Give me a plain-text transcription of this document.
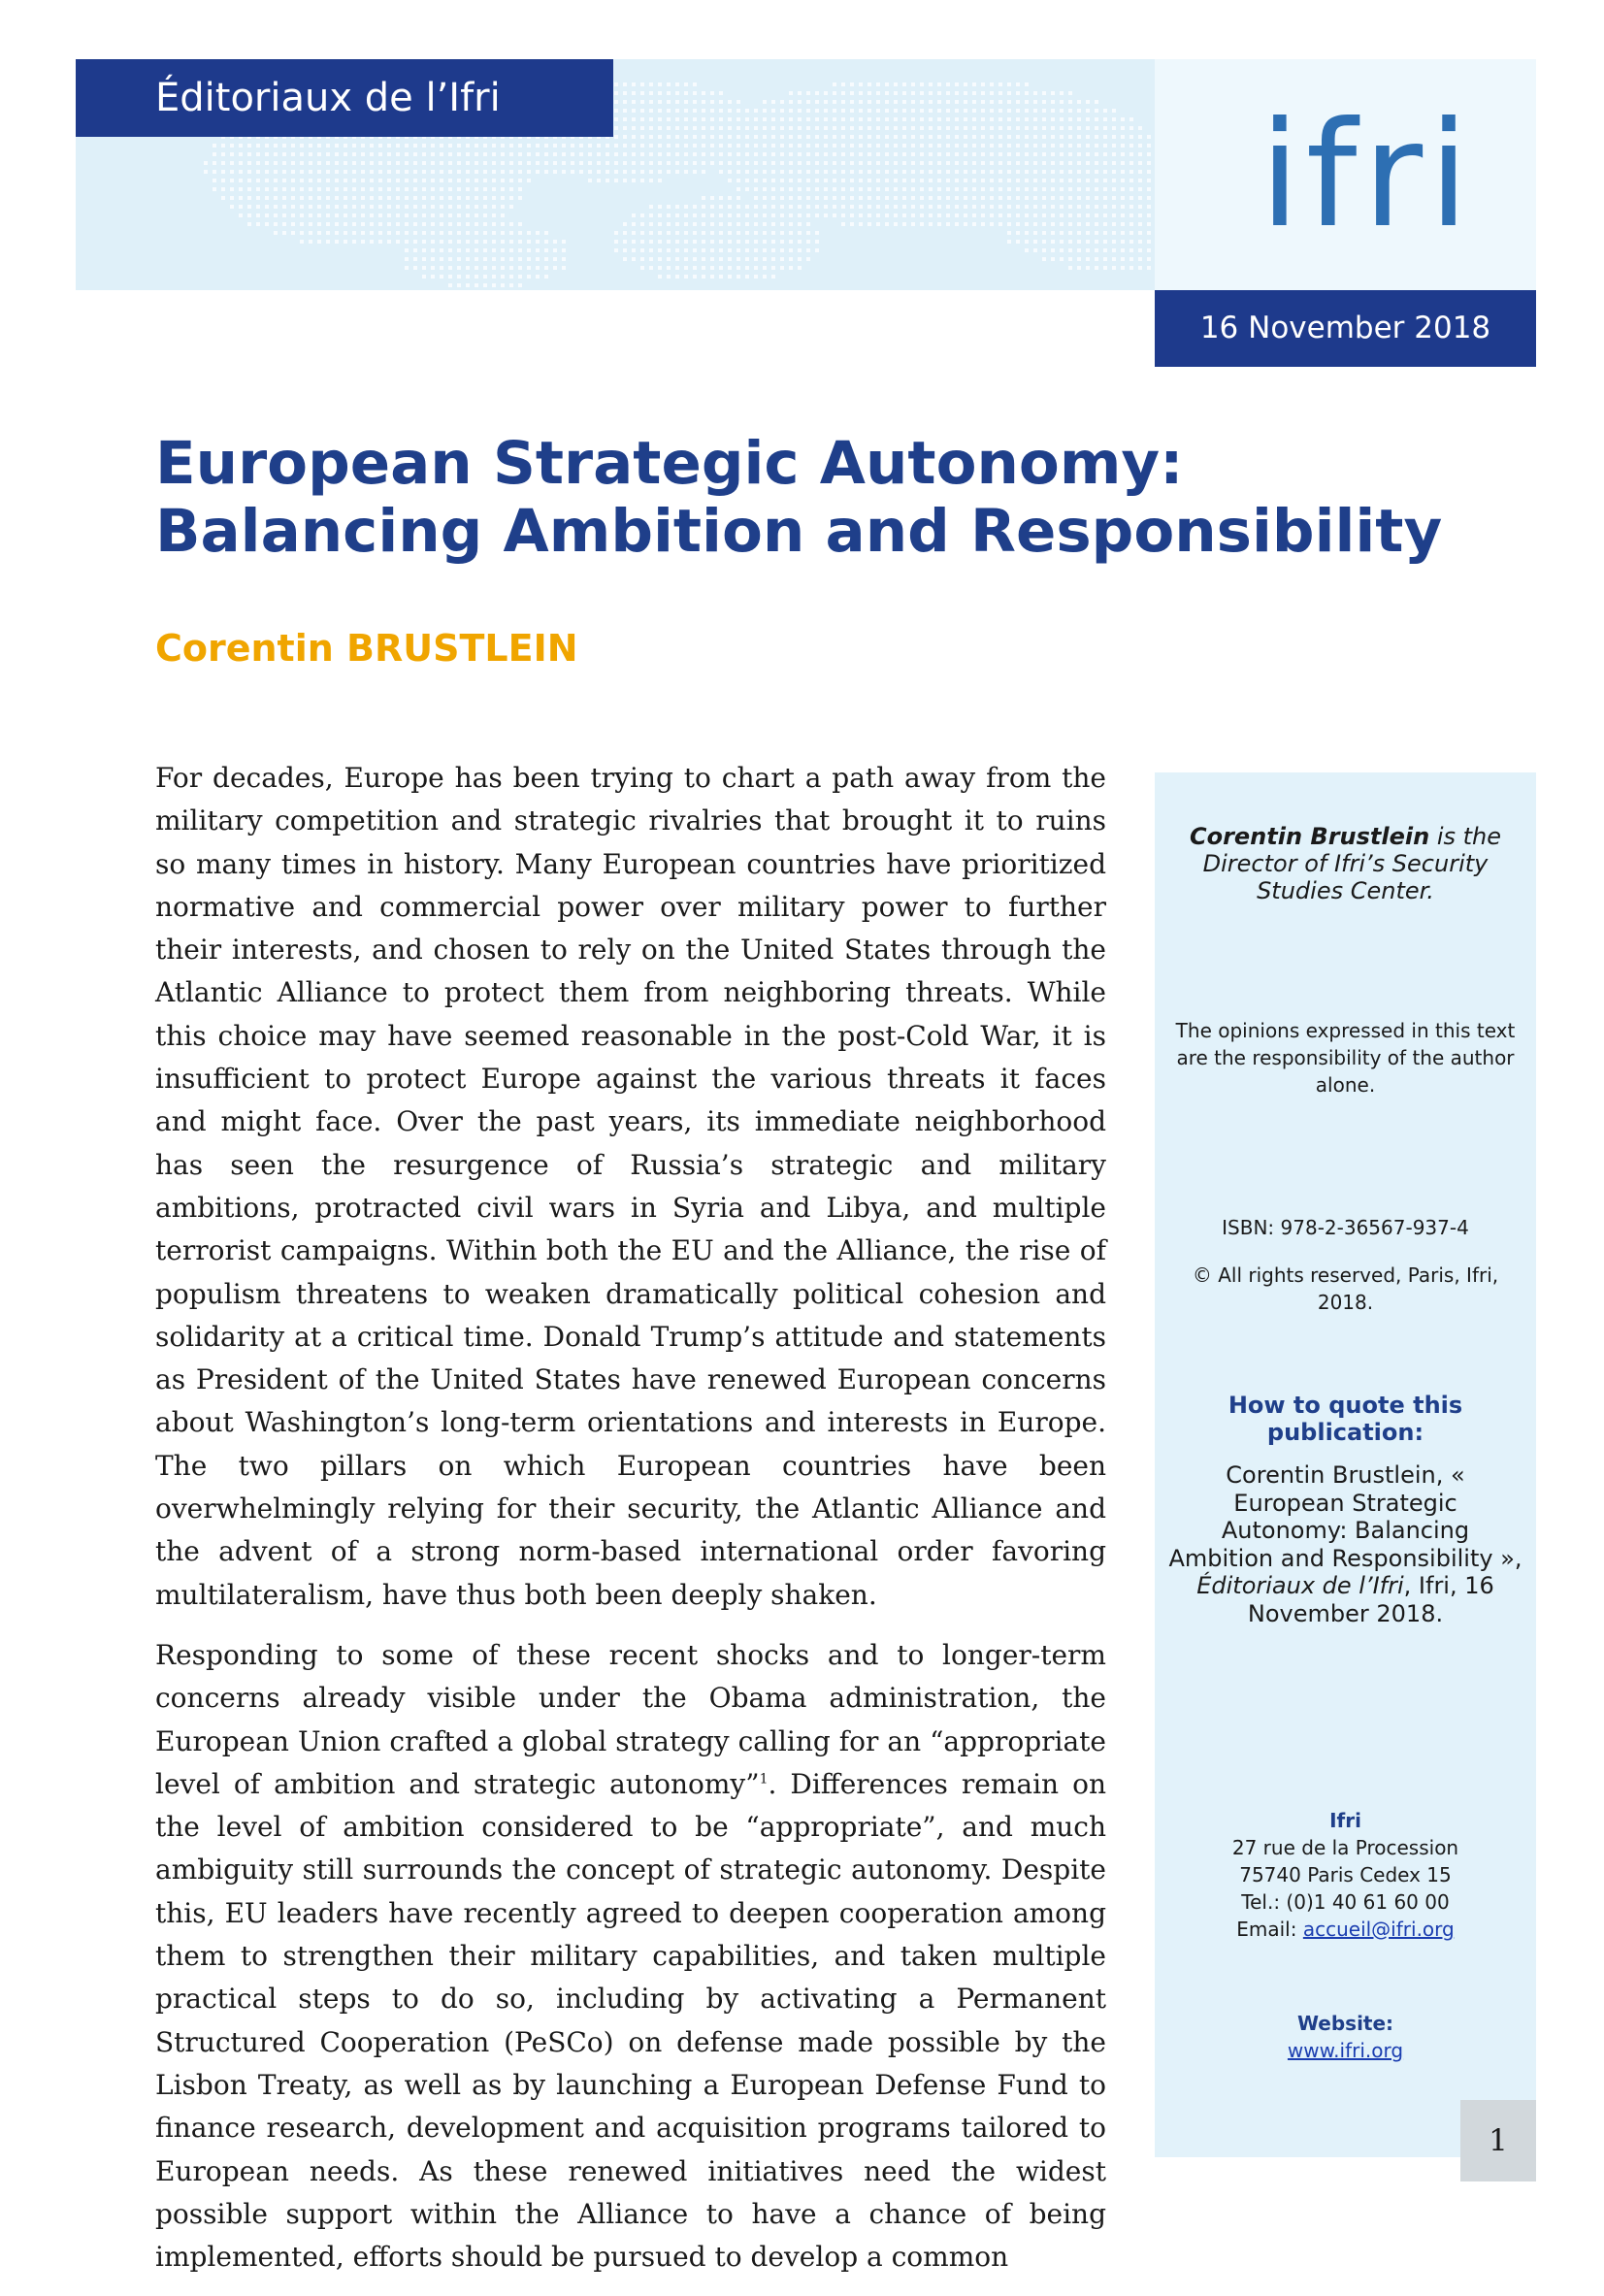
Éditoriaux de l’Ifri	ifri
16 November 2018
European Strategic Autonomy:
Balancing Ambition and Responsibility
Corentin BRUSTLEIN

For decades, Europe has been trying to chart a path away from the military competition and strategic rivalries that brought it to ruins so many times in history. Many European countries have prioritized normative and commercial power over military power to further their interests, and chosen to rely on the United States through the Atlantic Alliance to protect them from neighboring threats. While this choice may have seemed reasonable in the post-Cold War, it is insufficient to protect Europe against the various threats it faces and might face. Over the past years, its immediate neighborhood has seen the resurgence of Russia’s strategic and military ambitions, protracted civil wars in Syria and Libya, and multiple terrorist campaigns. Within both the EU and the Alliance, the rise of populism threatens to weaken dramatically political cohesion and solidarity at a critical time. Donald Trump’s attitude and statements as President of the United States have renewed European concerns about Washington’s long-term orientations and interests in Europe. The two pillars on which European countries have been overwhelmingly relying for their security, the Atlantic Alliance and the advent of a strong norm-based international order favoring multilateralism, have thus both been deeply shaken.

Responding to some of these recent shocks and to longer-term concerns already visible under the Obama administration, the European Union crafted a global strategy calling for an “appropriate level of ambition and strategic autonomy”$^1$. Differences remain on the level of ambition considered to be “appropriate”, and much ambiguity still surrounds the concept of strategic autonomy. Despite this, EU leaders have recently agreed to deepen cooperation among them to strengthen their military capabilities, and taken multiple practical steps to do so, including by activating a Permanent Structured Cooperation (PeSCo) on defense made possible by the Lisbon Treaty, as well as by launching a European Defense Fund to finance research, development and acquisition programs tailored to European needs. As these renewed initiatives need the widest possible support within the Alliance to have a chance of being implemented, efforts should be pursued to develop a common

Corentin Brustlein is the Director of Ifri’s Security Studies Center.
The opinions expressed in this text are the responsibility of the author alone.
ISBN: 978-2-36567-937-4
© All rights reserved, Paris, Ifri, 2018.
How to quote this publication:
Corentin Brustlein, « European Strategic Autonomy: Balancing Ambition and Responsibility », Éditoriaux de l’Ifri, Ifri, 16 November 2018.
Ifri
27 rue de la Procession
75740 Paris Cedex 15
Tel.: (0)1 40 61 60 00
Email: accueil@ifri.org
Website:
www.ifri.org
1
